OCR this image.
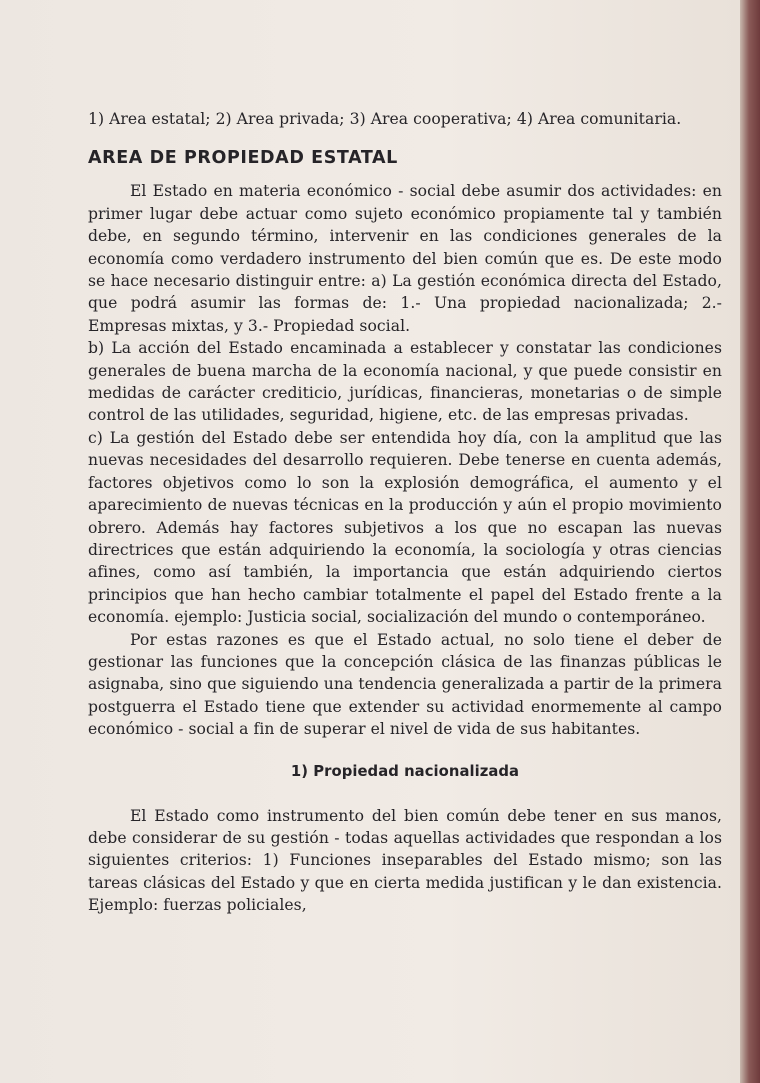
1) Area estatal; 2) Area privada; 3) Area cooperativa; 4) Area comunitaria.

AREA DE PROPIEDAD ESTATAL

El Estado en materia económico - social debe asumir dos actividades: en primer lugar debe actuar como sujeto económico propiamente tal y también debe, en segundo término, intervenir en las condiciones generales de la economía como verdadero instrumento del bien común que es. De este modo se hace necesario distinguir entre: a) La gestión económica directa del Estado, que podrá asumir las formas de: 1.- Una propiedad nacionalizada; 2.- Empresas mixtas, y 3.- Propiedad social.

b) La acción del Estado encaminada a establecer y constatar las condiciones generales de buena marcha de la economía nacional, y que puede consistir en medidas de carácter crediticio, jurídicas, financieras, monetarias o de simple control de las utilidades, seguridad, higiene, etc. de las empresas privadas.

c) La gestión del Estado debe ser entendida hoy día, con la amplitud que las nuevas necesidades del desarrollo requieren. Debe tenerse en cuenta además, factores objetivos como lo son la explosión demográfica, el aumento y el aparecimiento de nuevas técnicas en la producción y aún el propio movimiento obrero. Además hay factores subjetivos a los que no escapan las nuevas directrices que están adquiriendo la economía, la sociología y otras ciencias afines, como así también, la importancia que están adquiriendo ciertos principios que han hecho cambiar totalmente el papel del Estado frente a la economía. ejemplo: Justicia social, socialización del mundo o contemporáneo.

Por estas razones es que el Estado actual, no solo tiene el deber de gestionar las funciones que la concepción clásica de las finanzas públicas le asignaba, sino que siguiendo una tendencia generalizada a partir de la primera postguerra el Estado tiene que extender su actividad enormemente al campo económico - social a fin de superar el nivel de vida de sus habitantes.

1) Propiedad nacionalizada

El Estado como instrumento del bien común debe tener en sus manos, debe considerar de su gestión - todas aquellas actividades que respondan a los siguientes criterios: 1) Funciones inseparables del Estado mismo; son las tareas clásicas del Estado y que en cierta medida justifican y le dan existencia. Ejemplo: fuerzas policiales,
